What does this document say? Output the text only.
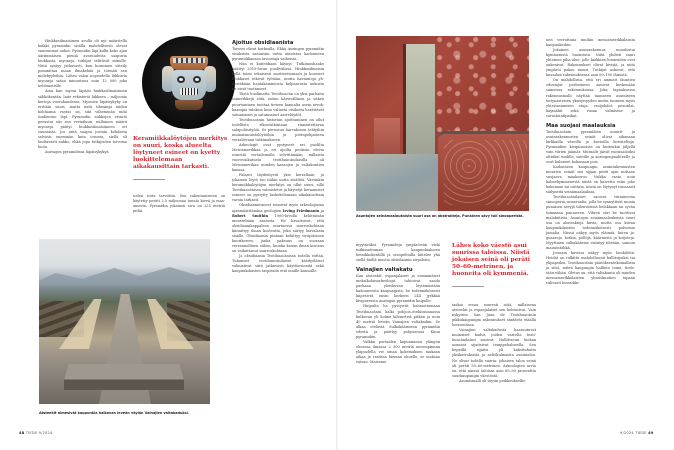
Hiukkasilmaisimen avulla oli nyt määritellä kaikki pyramidin sisällä mahdollisesti olevat suuremmat aukot. Pyramidin läpi kulki koko ajan äärimmäisen pieniä avaruudesta saapuvia hiukkasia, myoneja, tutkijat selittivät minulle. Niitä syntyy jatkuvasti, kun kosminen säteily pommittaa maan ilmakehää ja törmää sen molekyyleihin. Lähes valon nopeudella liikkuvia myoneja sataa minuutissa noin 12 000 joka neliömetrille.

Aina kun myoni läpäisi hiukkasilmaisimen sähkökentän, laite rekisteröi liikkeen – miljoonia kertoja vuorokaudessa. Myonien läpäisykyky on erittäin suuri, mutta mitä tiheämpi niiden kohtaama vastus on, sitä vähemmän niitä tunkeutuu läpi. Pyramidin aukkojen etsintä perustui siis sen vertailuun, millainen määrä myoneja päätyi hiukkasilmaisimeen eri suunnista. Jos niitä saapui jostain kohdasta selvästi enemmän kuin toisista, siellä oli luultavasti aukko, ehkä jopa tutkijoiden toivoma luola.

Auringon pyramidissa läpäisykykyä

Keramiikkalöytöjen merkitys on suuri, koska alueelta löytyneet esineet on kyetty luokittelemaan aikakausittain tarkasti.

toden totta tarvittiin. Sen rakentamiseen on käytetty peräti 2,5 miljoonaa tonnia kiveä ja maa-ainesta. Pyramidin jokainen sivu on 225 metriä pitkä.

Ajoitus obsidiaanista

Toiveet olivat korkealla. Ehkä Auringon pyramidin sisuksista saataisiin uutta aineistoa kadonneen pyramidikansan tavoistaja vaiheista.

Niin ei kuitenkaan käynyt. Tutkimushanke päättyi 2010-luvun puolivälissä. Hiukkasilmaisin kyllä toimi teknisesti moitteettomasti ja koseiset hiukkaset tekivät työtään, mutta havaintoja yhdestäkään hautakammiosta kelpaavasta aukosta ne eivät tuottaneet.

Tästä huolimatta Teotihuacán on yksi parhaita esimerkkejä siitä, miten kärsivällinen ja sitkeä puurtaminen tuottaa tieteen kannalta usein arvokkaampia tuloksia kuin valtavia otsikoita herättävät satunnaiset ja satunnaiset aarrelöydöt.

Teotihuacánin historian ajoittaminen on ollut todellista rikostutkintaan rinnastettavaa salapoliisityötä. Se perustuu harvakseen tehtyihin muinaismuistolöytöihin ja perinpohjaiseen vertailevaan tutkimukseen.

Arkeologit ovat pystyneet eri puolilta Mesoamerikkaa ja eri ajoilta peräisin olevia esineitä vertailemalla selvittämään, millaista vuorovaikutusta teotihuacánilaisilla oli Mesoamerikan muiden kansojen ja valtakuntien kanssa.

Palaset täydentyvät yksi kerrallaan, ja jokainen löytö tuo niihin uutta sisältöä. Varsinkin keramiikkalöytöjen merkitys on ollut suuri, sillä Teotihuacánissa valmistetut ja käytetyt keraamiset esineet on pystytty luokittelemaan aikakausittain varsin tarkasti.

Obsidiaaniesineet toimivat myös arkeologisina ajanmääritämina geologien Irving Friedmanin ja Robert Smithin 1960-luvulla kehittämän menetelmän ansiosta. He havaitsivat, että obsidiaanikappaleen murtuessa murroskohtaan kiinnittyy ilman kosteutta, joka siirtyy laavalasin sisälle. Obsidiaanin pintaan kehittyy vesipitoinen kuorikerros, jonka paksuus on suoraan verrannollinen siihen, kuinka kauan ilman kosteus on vaikuttanut murroskohtaan.

Ja obsidiaania Teotihuacánissa todella riittää. Tuhannet teotihuacánilaiset käsityöläiset valmistivat siitä jatkuvasti käyttöesineitä sekä kaupunkilaisten tarpeisiin että muille kansoille

Atsteekit nimesivät kaupunkia halkovan leveän väylän Vainajien valtakaduksi.
48 TIEDE 9/2024
Asuntojen seinämaalauksista suuri osa on abstrakteja. Punainen sävy tuli sinooperista.

myytäväksi. Pyramideja ympäröivän vielä tutkimattoman kaupunkialueen heinikkokentillä ja seospeltoilla kiitelee yhä siellä täällä mustia obsidiaanin sirpaleita.

Vainajien valtakatu

Kun atsteekit, espanjalaiset ja ensimmäiset meksikolaisarkeologit tahtoivat saada parhaan yleiskuvan löytämästään kadonneesta kaupungista, he todennäköisesti kiipesivät ensin korkeen 244 jyrkkää kiviporrasta Auringon pyramidin huipulle.

Huipulta he pystyivät hahmottamaan Teotihuacánin halki pohjois–eteläsuunnassa kulkevan yli kolme kilometriä pitkän ja noin 40 metriä leveän Vainajien valtakadun. Se alkaa etelästä Sulkakäärmeen pyramidin edestä ja päättyy pohjoisessa Kuun pyramidiin.

Valkka portaiden kapuaminen ylängön ohuessa ilmassa 2 300 metriä merenpinnan yläpuolella vie oman kokemuksen mukaan aikaa ja rasittaa hieman ohuelle, se maksaa vaivan. Maisema

Lähes koko väestö asui suurissa taloissa. Niistä jokaisen seinä oli peräti 50–60-metrinen, ja huoneita oli kymmeniä.

taskin eroaa suuresti siitä, millaisena atsteekit ja espanjalaiset sen kohtasivat. Vain nykyisen San Juan de Teotihuacánin pikkukaupungin rakennukset siintävät etäällä horisontissa.

Vainajien valtakadusta haarautuvat muinaiset kadut, joiden varrella teotihuacánilaiset asuivat. Hallitsevan luokan asunnot sijaitsivat temppelialueella. Sen liepeillä sijaitsi yli kaksituhatta yksikerroksista ja neliökulmaista asuintaloa. Ne olivat todella suuria: jokaisen talon seinä oli peräti 50–60-metrinen. Arkeologien arvio on, että näissä taloissa asui 85–90 prosenttia suurkaupungin väestöstä.

Asumismalli oli täysin poikkeuksellis-

nen verrattuna muihin mesoamerikkalaisiin kaupunkeihin.

Jokainen asuinrakennus muodostui kymmenistä huoneista. Niitä yhdisti suuri yhteinen piha-alue, jolle kaikkien huoneiden ovet aukenivat. Rakennukset olivat kivisiä, ja niitä ympäröi paksu muuri. Tutkijat uskovat, että kussakin rakennuksessa asui 60–100 ihmistä.

On mahdollista, että eri ammatt ikuntien edustajat perheineen asuivat keskenään samoissa rakennuksissa. Joka tapauksessa rakennusmalli näyttää taanneen asumiseen tietynasteisen yksityisyyden mutta tuoneen myös yhteisasumisen etuja: vesijohdot, pesutilat, käymälät sekä ruoan valmistus- ja varastointipaikat.

Maa suojasi maalauksia

Teotihuacánin pyramidien muurit ja asuinrakennusten seinät olivat aikanaan kirkkailla väreillä ja kuvioilla koristeltuja. Pyramidien kivipinnoista on kuitenkin jäljellä vain värien jäämät. Muraalit jäivät vuosisadoiksi alttiiksi tuulille, sateille ja auringonpaahteelle ja ovat kuluneet kokonaan pois.

Kadonneen kaupungin asuinrakennusten muurien seinät sen sijaan peitti ajan mittaan suojaava maakerros. Vaikka vasta noin kolmekymmenestä niistä on kaivettu esiin joko kokonaan tai osittain, niistä on löytynyt runsaasti säilyneitä seinämaalauksia.

Teotihuacánilaiset saoivat väriaineena sinooperia, mineraalia, jolla he synnyttivät monia punaisen sävyjä tiilenväristä helakkaan tai syvän tummaan punaiseen. Vihreä väri he tuottivat malakiitista. Asuntojen seinämaalauksista suuri osa on abstrakteja kuvia, mutta osa kuvaa kaupunkilaisten todennäköisesti palvomia jumalia. Niissä näkyy myös eläimiä, kuten jaguaareja, kotkia, pöllöjä, käärmeitä ja koijoteja. Myyttinen sulkakäärme esiintyy tiheään, samoin maissintähkä.

Joissain kuvissa näkyy myös henkilöitä. Heidät on tulkittu mahdollisesti hallitsijoiksi tai ylipapeiksi. Teotihuacánin päätöksentekomallista ja siitä, miten kaupungin hallinto toimi, tiedetään vähän. Oletus on, että valtakunta oli muiden mesoamerikkalaisten yhteiskuntien tapaan vahvasti hierarkki-

9/2024 TIEDE 49
